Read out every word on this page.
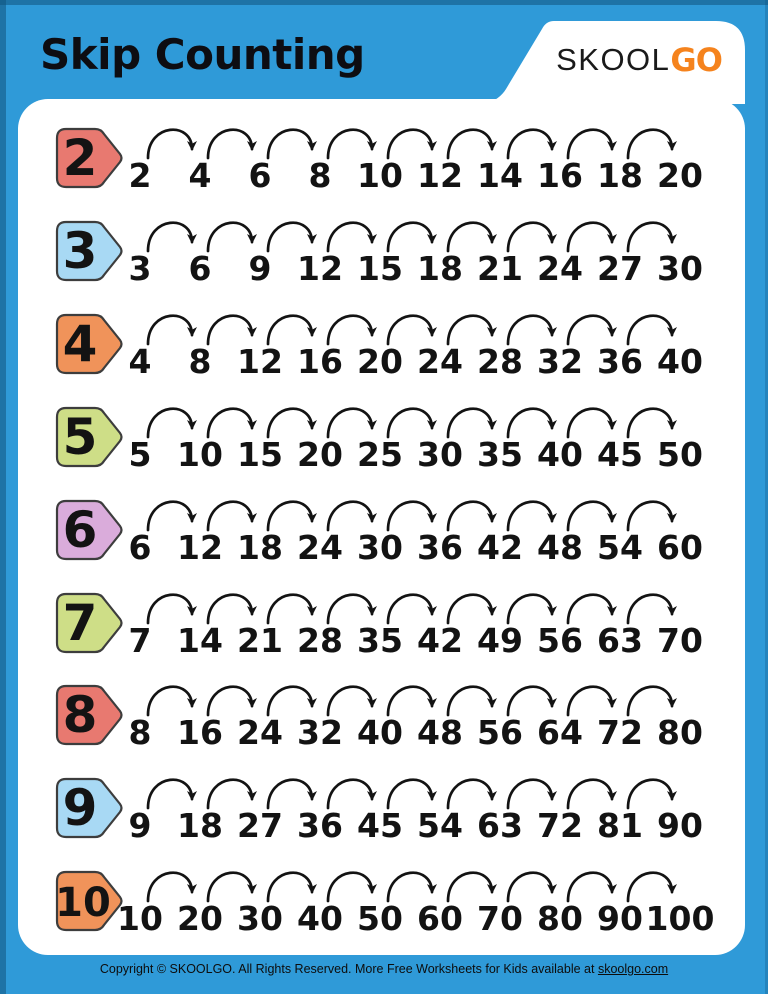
Skip Counting	SKOOL GO
2 2 4 6 8 10 12 14 16 18 20
3 3 6 9 12 15 18 21 24 27 30
4 4 8 12 16 20 24 28 32 36 40
5 5 10 15 20 25 30 35 40 45 50
6 6 12 18 24 30 36 42 48 54 60
7 7 14 21 28 35 42 49 56 63 70
8 8 16 24 32 40 48 56 64 72 80
9 9 18 27 36 45 54 63 72 81 90
10 10 20 30 40 50 60 70 80 90 100
Copyright © SKOOLGO. All Rights Reserved. More Free Worksheets for Kids available at skoolgo.com
